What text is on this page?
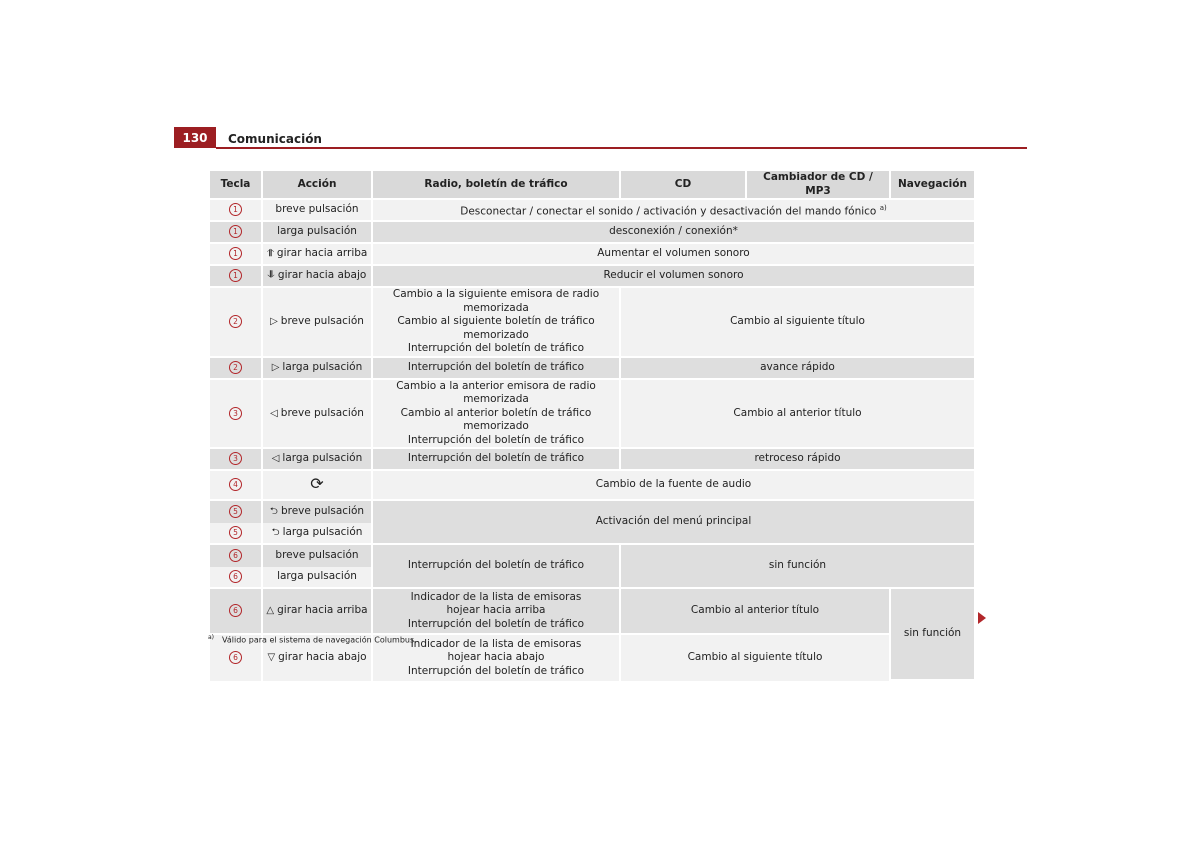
130	Comunicación
Tecla	Acción	Radio, boletín de tráfico	CD	Cambiador de CD / MP3	Navegación
1	breve pulsación	Desconectar / conectar el sonido / activación y desactivación del mando fónico $^{a)}$
1	larga pulsación	desconexión / conexión*			
1	⥣ girar hacia arriba	Aumentar el volumen sonoro			
1	⥥ girar hacia abajo	Reducir el volumen sonoro			
2	▷ breve pulsación	Cambio a la siguiente emisora de radio memorizada
Cambio al siguiente boletín de tráfico memorizado
Interrupción del boletín de tráfico	Cambio al siguiente título		
2	▷ larga pulsación	Interrupción del boletín de tráfico	avance rápido		
3	◁ breve pulsación	Cambio a la anterior emisora de radio memorizada
Cambio al anterior boletín de tráfico memorizado
Interrupción del boletín de tráfico	Cambio al anterior título		
3	◁ larga pulsación	Interrupción del boletín de tráfico	retroceso rápido		
4	⟳	Cambio de la fuente de audio			
5	⮌ breve pulsación	Activación del menú principal			
5	⮌ larga pulsación				
6	breve pulsación	Interrupción del boletín de tráfico	sin función		
6	larga pulsación				
6	△ girar hacia arriba	Indicador de la lista de emisoras
hojear hacia arriba
Interrupción del boletín de tráfico	Cambio al anterior título		sin función
6	▽ girar hacia abajo	Indicador de la lista de emisoras
hojear hacia abajo
Interrupción del boletín de tráfico	Cambio al siguiente título		
$^{a)}$ Válido para el sistema de navegación Columbus.
